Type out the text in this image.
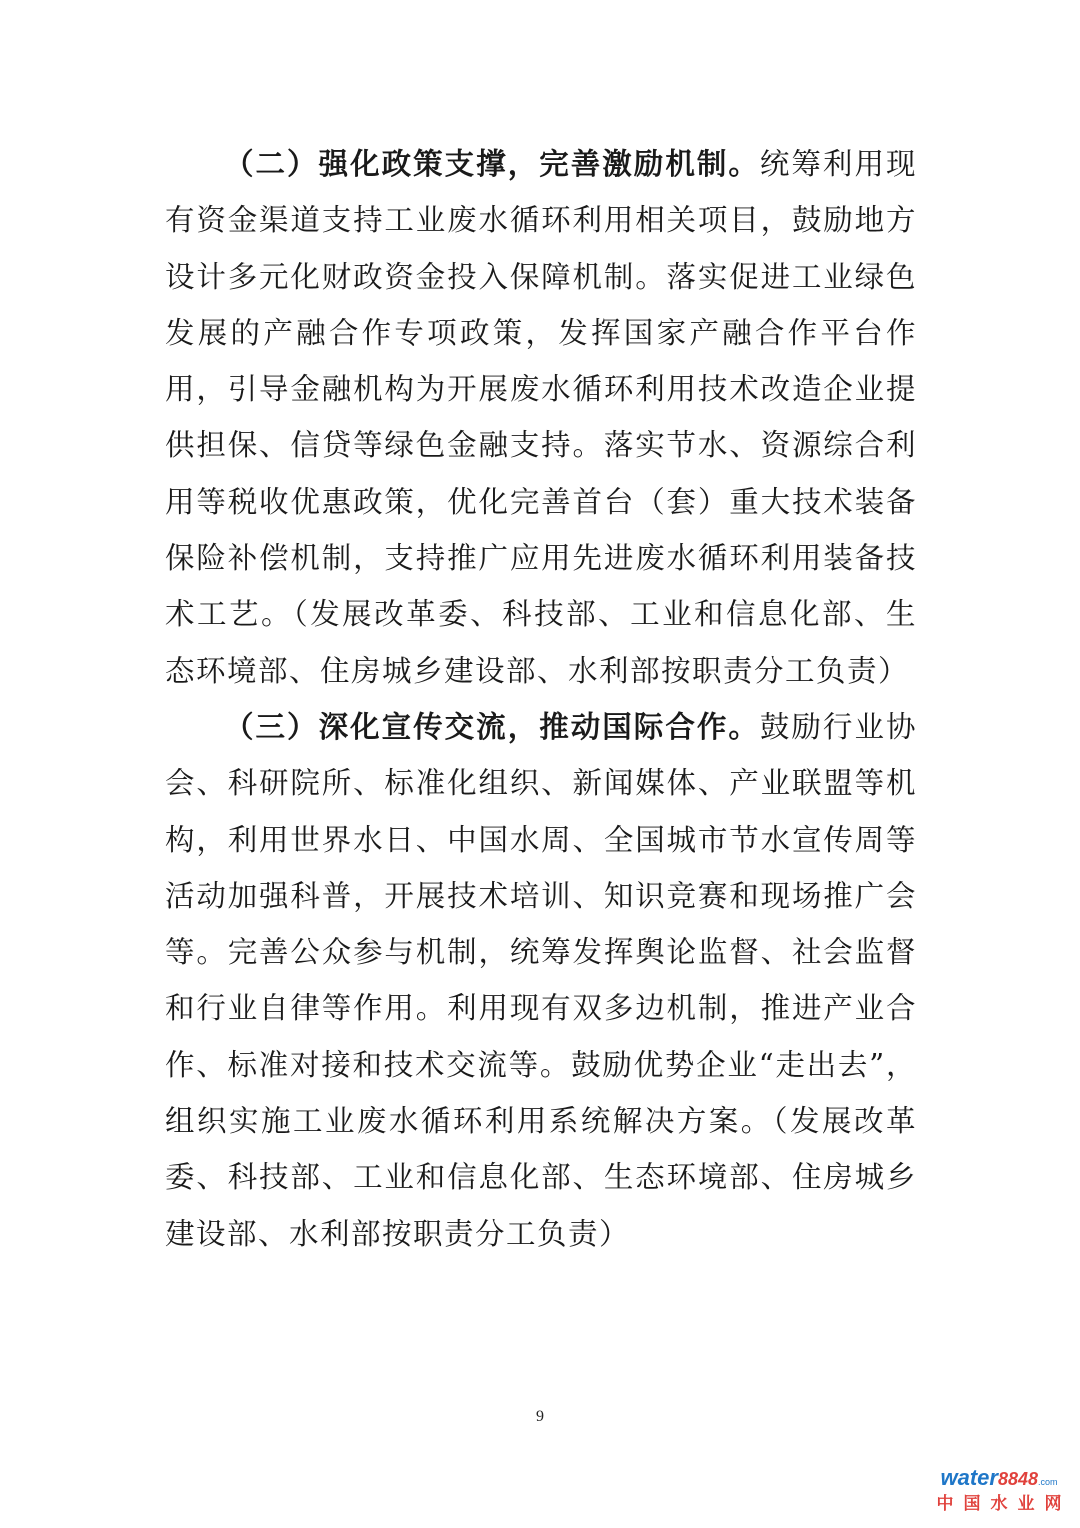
（二）强化政策支撑，完善激励机制。统筹利用现有资金渠道支持工业废水循环利用相关项目，鼓励地方设计多元化财政资金投入保障机制。落实促进工业绿色发展的产融合作专项政策，发挥国家产融合作平台作用，引导金融机构为开展废水循环利用技术改造企业提供担保、信贷等绿色金融支持。落实节水、资源综合利用等税收优惠政策，优化完善首台（套）重大技术装备保险补偿机制，支持推广应用先进废水循环利用装备技术工艺。（发展改革委、科技部、工业和信息化部、生态环境部、住房城乡建设部、水利部按职责分工负责）

（三）深化宣传交流，推动国际合作。鼓励行业协会、科研院所、标准化组织、新闻媒体、产业联盟等机构，利用世界水日、中国水周、全国城市节水宣传周等活动加强科普，开展技术培训、知识竞赛和现场推广会等。完善公众参与机制，统筹发挥舆论监督、社会监督和行业自律等作用。利用现有双多边机制，推进产业合作、标准对接和技术交流等。鼓励优势企业“走出去”，组织实施工业废水循环利用系统解决方案。（发展改革委、科技部、工业和信息化部、生态环境部、住房城乡建设部、水利部按职责分工负责）

9
water8848.com
中国水业网
